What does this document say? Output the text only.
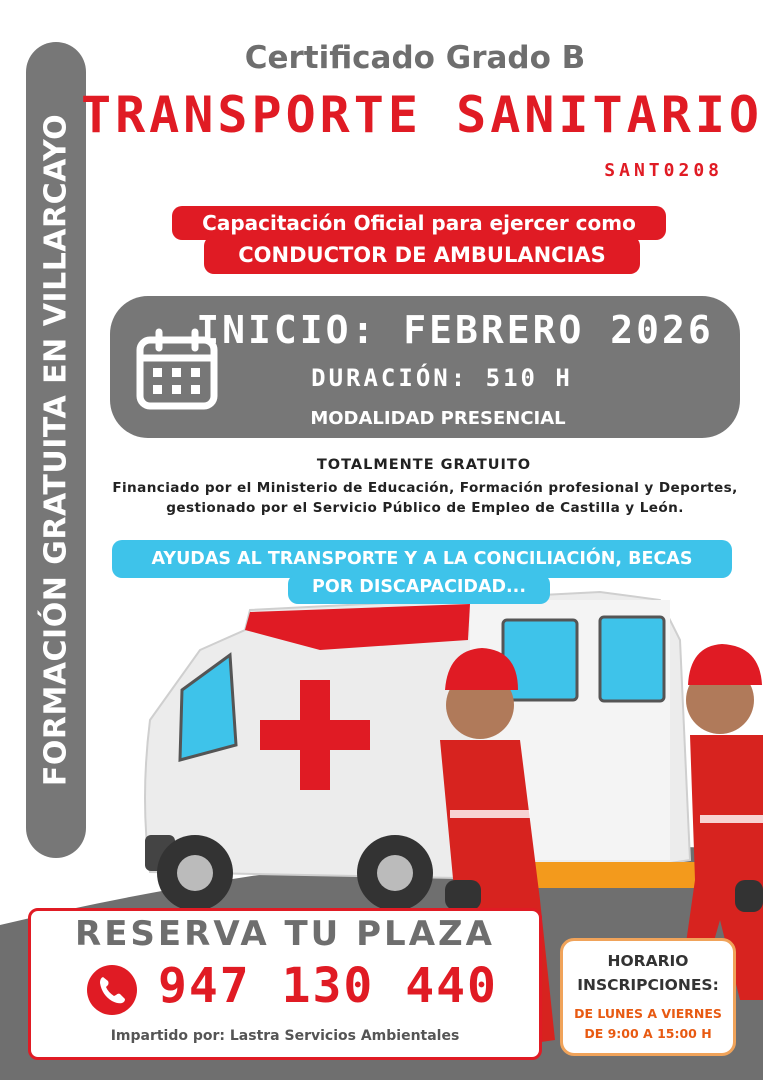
FORMACIÓN GRATUITA EN VILLARCAYO
Certificado Grado B
TRANSPORTE SANITARIO
SANT0208
Capacitación Oficial para ejercer como
CONDUCTOR DE AMBULANCIAS
INICIO: FEBRERO 2026
DURACIÓN: 510 H
MODALIDAD PRESENCIAL
TOTALMENTE GRATUITO
Financiado por el Ministerio de Educación, Formación profesional y Deportes, gestionado por el Servicio Público de Empleo de Castilla y León.
AYUDAS AL TRANSPORTE Y A LA CONCILIACIÓN, BECAS
POR DISCAPACIDAD...
RESERVA TU PLAZA
947 130 440
Impartido por: Lastra Servicios Ambientales
HORARIO
INSCRIPCIONES:
DE LUNES A VIERNES
DE 9:00 A 15:00 H
